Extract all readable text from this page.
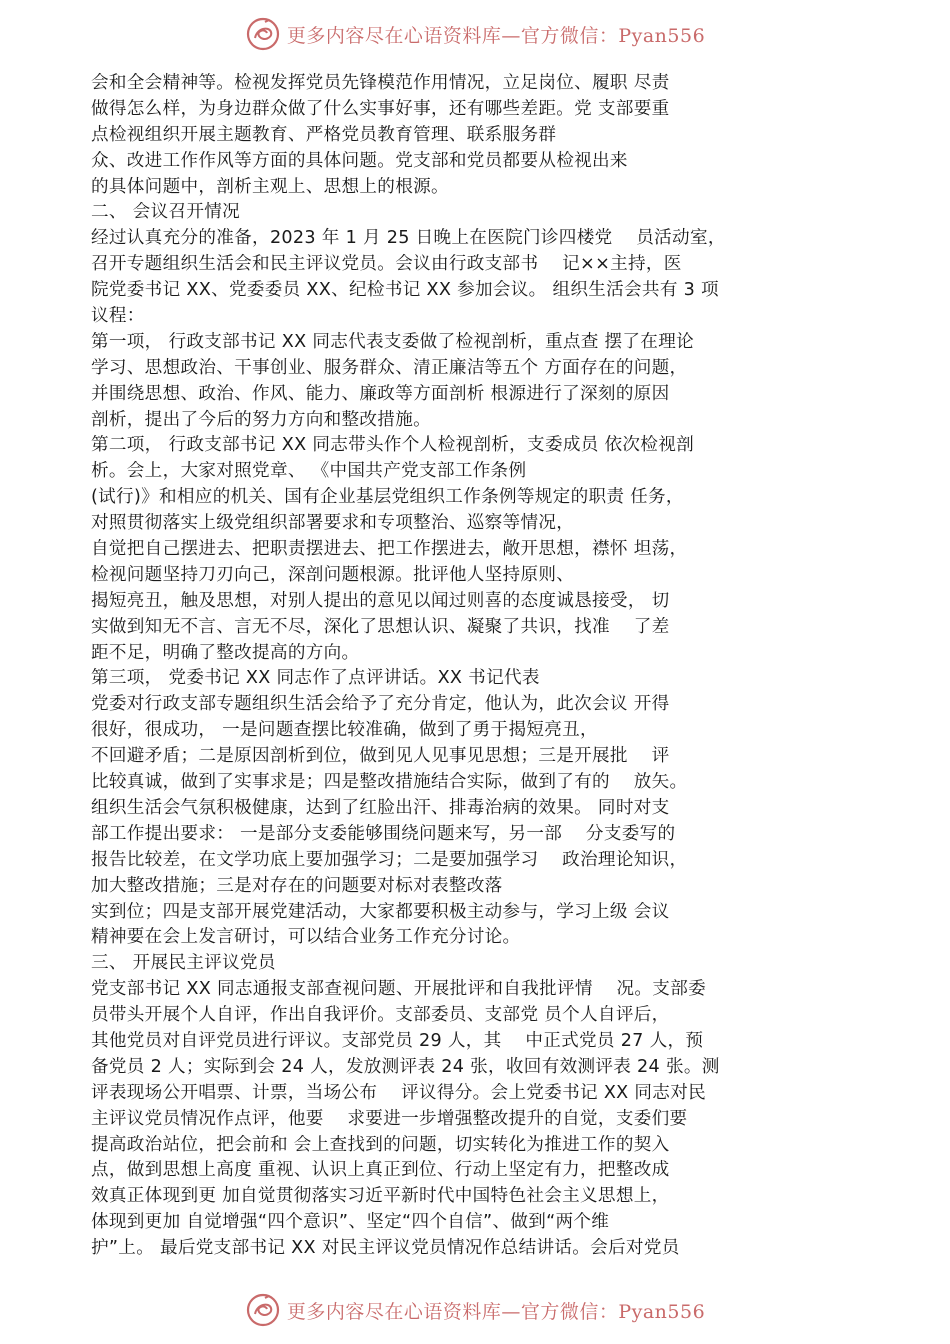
更多内容尽在心语资料库—官方微信：Pyan556
会和全会精神等。检视发挥党员先锋模范作用情况，立足岗位、履职 尽责
做得怎么样，为身边群众做了什么实事好事，还有哪些差距。党 支部要重
点检视组织开展主题教育、严格党员教育管理、联系服务群
众、改进工作作风等方面的具体问题。党支部和党员都要从检视出来
的具体问题中，剖析主观上、思想上的根源。
二、 会议召开情况
经过认真充分的准备，2023 年 1 月 25 日晚上在医院门诊四楼党　 员活动室，
召开专题组织生活会和民主评议党员。会议由行政支部书　 记××主持，医
院党委书记 XX、党委委员 XX、纪检书记 XX 参加会议。 组织生活会共有 3 项
议程：
第一项， 行政支部书记 XX 同志代表支委做了检视剖析，重点查 摆了在理论
学习、思想政治、干事创业、服务群众、清正廉洁等五个 方面存在的问题，
并围绕思想、政治、作风、能力、廉政等方面剖析 根源进行了深刻的原因
剖析，提出了今后的努力方向和整改措施。
第二项， 行政支部书记 XX 同志带头作个人检视剖析，支委成员 依次检视剖
析。会上，大家对照党章、 《中国共产党支部工作条例
(试行)》和相应的机关、国有企业基层党组织工作条例等规定的职责 任务，
对照贯彻落实上级党组织部署要求和专项整治、巡察等情况，
自觉把自己摆进去、把职责摆进去、把工作摆进去，敞开思想，襟怀 坦荡，
检视问题坚持刀刃向己，深剖问题根源。批评他人坚持原则、
揭短亮丑，触及思想，对别人提出的意见以闻过则喜的态度诚恳接受， 切
实做到知无不言、言无不尽，深化了思想认识、凝聚了共识，找准　 了差
距不足，明确了整改提高的方向。
第三项， 党委书记 XX 同志作了点评讲话。XX 书记代表
党委对行政支部专题组织生活会给予了充分肯定，他认为，此次会议 开得
很好，很成功， 一是问题查摆比较准确，做到了勇于揭短亮丑，
不回避矛盾；二是原因剖析到位，做到见人见事见思想；三是开展批　 评
比较真诚，做到了实事求是；四是整改措施结合实际，做到了有的　 放矢。
组织生活会气氛积极健康，达到了红脸出汗、排毒治病的效果。 同时对支
部工作提出要求： 一是部分支委能够围绕问题来写，另一部　 分支委写的
报告比较差，在文学功底上要加强学习；二是要加强学习　 政治理论知识，
加大整改措施；三是对存在的问题要对标对表整改落
实到位；四是支部开展党建活动，大家都要积极主动参与，学习上级 会议
精神要在会上发言研讨，可以结合业务工作充分讨论。
三、 开展民主评议党员
党支部书记 XX 同志通报支部查视问题、开展批评和自我批评情　 况。支部委
员带头开展个人自评，作出自我评价。支部委员、支部党 员个人自评后，
其他党员对自评党员进行评议。支部党员 29 人，其　 中正式党员 27 人，预
备党员 2 人；实际到会 24 人，发放测评表 24 张，收回有效测评表 24 张。测
评表现场公开唱票、计票，当场公布　 评议得分。会上党委书记 XX 同志对民
主评议党员情况作点评，他要　 求要进一步增强整改提升的自觉，支委们要
提高政治站位，把会前和 会上查找到的问题，切实转化为推进工作的契入
点，做到思想上高度 重视、认识上真正到位、行动上坚定有力，把整改成
效真正体现到更 加自觉贯彻落实习近平新时代中国特色社会主义思想上，
体现到更加 自觉增强“四个意识”、坚定“四个自信”、做到“两个维
护”上。 最后党支部书记 XX 对民主评议党员情况作总结讲话。会后对党员
更多内容尽在心语资料库—官方微信：Pyan556
